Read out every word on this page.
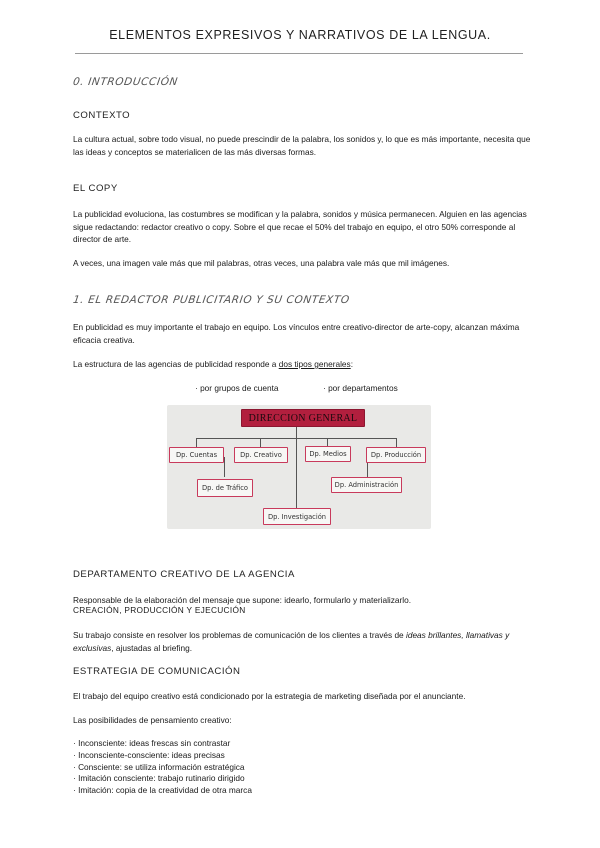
ELEMENTOS EXPRESIVOS Y NARRATIVOS DE LA LENGUA.
0. INTRODUCCIÓN
CONTEXTO
La cultura actual, sobre todo visual, no puede prescindir de la palabra, los sonidos y, lo que es más importante, necesita que las ideas y conceptos se materialicen de las más diversas formas.
EL COPY
La publicidad evoluciona, las costumbres se modifican y la palabra, sonidos y música permanecen. Alguien en las agencias sigue redactando: redactor creativo o copy. Sobre el que recae el 50% del trabajo en equipo, el otro 50% corresponde al director de arte.
A veces, una imagen vale más que mil palabras, otras veces, una palabra vale más que mil imágenes.
1. EL REDACTOR PUBLICITARIO Y SU CONTEXTO
En publicidad es muy importante el trabajo en equipo. Los vínculos entre creativo-director de arte-copy, alcanzan máxima eficacia creativa.
La estructura de las agencias de publicidad responde a dos tipos generales:
· por grupos de cuenta	· por departamentos
DIRECCION GENERAL
Dp. Cuentas	Dp. Creativo	Dp. Medios	Dp. Producción
Dp. de Tráfico	Dp. Administración
Dp. Investigación
DEPARTAMENTO CREATIVO DE LA AGENCIA
Responsable de la elaboración del mensaje que supone: idearlo, formularlo y materializarlo.
CREACIÓN, PRODUCCIÓN Y EJECUCIÓN
Su trabajo consiste en resolver los problemas de comunicación de los clientes a través de ideas brillantes, llamativas y exclusivas, ajustadas al briefing.
ESTRATEGIA DE COMUNICACIÓN
El trabajo del equipo creativo está condicionado por la estrategia de marketing diseñada por el anunciante.
Las posibilidades de pensamiento creativo:
· Inconsciente: ideas frescas sin contrastar
· Inconsciente-consciente: ideas precisas
· Consciente: se utiliza información estratégica
· Imitación consciente: trabajo rutinario dirigido
· Imitación: copia de la creatividad de otra marca
